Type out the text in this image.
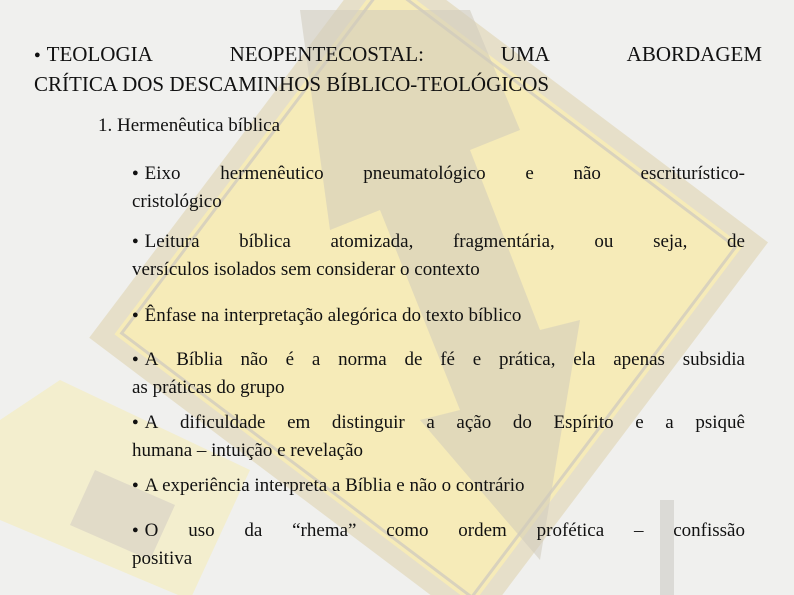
● TEOLOGIA	NEOPENTECOSTAL:	UMA	ABORDAGEM
CRÍTICA DOS DESCAMINHOS BÍBLICO-TEOLÓGICOS
1. Hermenêutica bíblica
● Eixo hermenêutico pneumatológico e não escriturístico-
cristológico
● Leitura bíblica atomizada, fragmentária, ou seja, de
versículos isolados sem considerar o contexto
● Ênfase na interpretação alegórica do texto bíblico
● A Bíblia não é a norma de fé e prática, ela apenas subsidia
as práticas do grupo
● A dificuldade em distinguir a ação do Espírito e a psiquê
humana – intuição e revelação
● A experiência interpreta a Bíblia e não o contrário
● O uso da “rhema” como ordem profética – confissão
positiva
